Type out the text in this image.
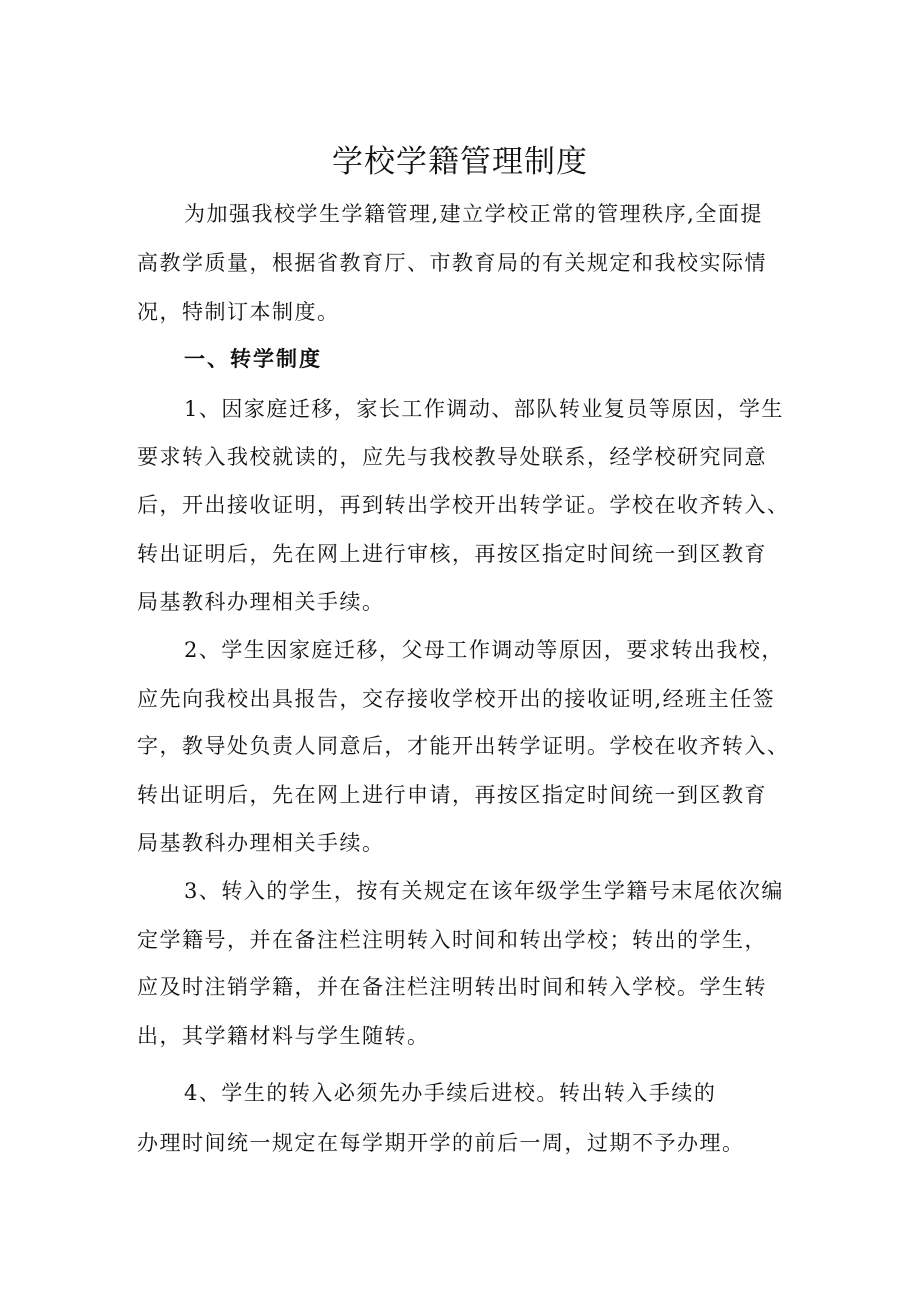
学校学籍管理制度
为加强我校学生学籍管理,建立学校正常的管理秩序,全面提
高教学质量，根据省教育厅、市教育局的有关规定和我校实际情
况，特制订本制度。
一、转学制度
1、因家庭迁移，家长工作调动、部队转业复员等原因，学生
要求转入我校就读的，应先与我校教导处联系，经学校研究同意
后，开出接收证明，再到转出学校开出转学证。学校在收齐转入、
转出证明后，先在网上进行审核，再按区指定时间统一到区教育
局基教科办理相关手续。
2、学生因家庭迁移，父母工作调动等原因，要求转出我校，
应先向我校出具报告，交存接收学校开出的接收证明,经班主任签
字，教导处负责人同意后，才能开出转学证明。学校在收齐转入、
转出证明后，先在网上进行申请，再按区指定时间统一到区教育
局基教科办理相关手续。
3、转入的学生，按有关规定在该年级学生学籍号末尾依次编
定学籍号，并在备注栏注明转入时间和转出学校；转出的学生，
应及时注销学籍，并在备注栏注明转出时间和转入学校。学生转
出，其学籍材料与学生随转。
4、学生的转入必须先办手续后进校。转出转入手续的
办理时间统一规定在每学期开学的前后一周，过期不予办理。
